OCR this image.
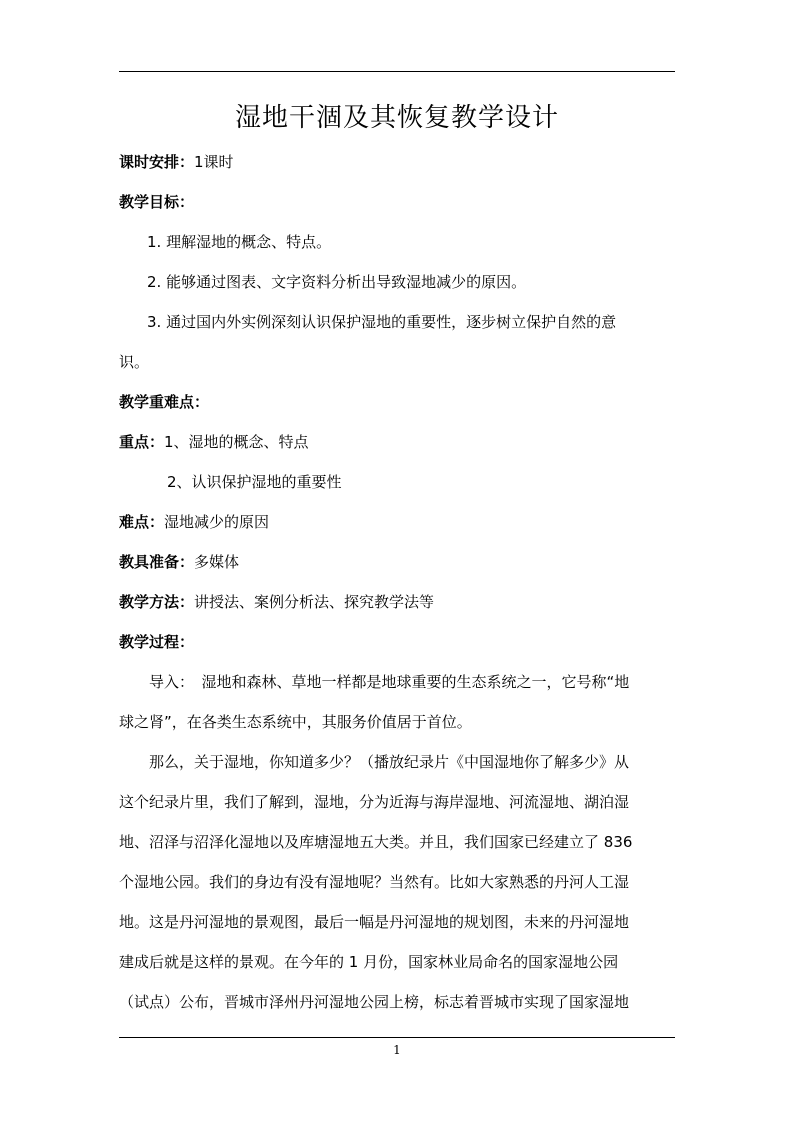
湿地干涸及其恢复教学设计
课时安排：1课时
教学目标：
1. 理解湿地的概念、特点。
2. 能够通过图表、文字资料分析出导致湿地减少的原因。
3. 通过国内外实例深刻认识保护湿地的重要性，逐步树立保护自然的意
识。
教学重难点：
重点：1、湿地的概念、特点
2、认识保护湿地的重要性
难点：湿地减少的原因
教具准备：多媒体
教学方法：讲授法、案例分析法、探究教学法等
教学过程：
导入：　湿地和森林、草地一样都是地球重要的生态系统之一，它号称“地
球之肾”，在各类生态系统中，其服务价值居于首位。
那么，关于湿地，你知道多少？（播放纪录片《中国湿地你了解多少》从
这个纪录片里，我们了解到，湿地，分为近海与海岸湿地、河流湿地、湖泊湿
地、沼泽与沼泽化湿地以及库塘湿地五大类。并且，我们国家已经建立了 836
个湿地公园。我们的身边有没有湿地呢？当然有。比如大家熟悉的丹河人工湿
地。这是丹河湿地的景观图，最后一幅是丹河湿地的规划图，未来的丹河湿地
建成后就是这样的景观。在今年的 1 月份，国家林业局命名的国家湿地公园
（试点）公布，晋城市泽州丹河湿地公园上榜，标志着晋城市实现了国家湿地
1
